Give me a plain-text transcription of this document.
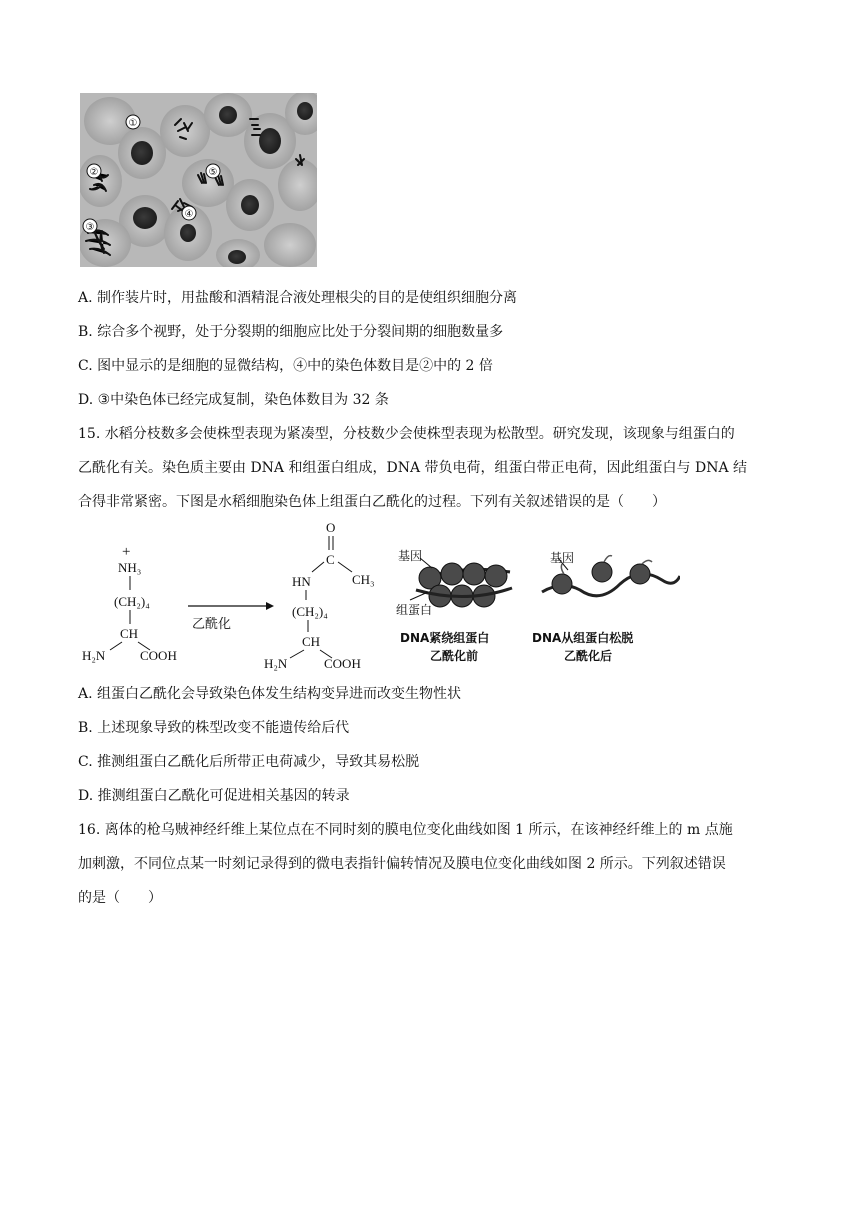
①
②
③
④
⑤
A. 制作装片时，用盐酸和酒精混合液处理根尖的目的是使组织细胞分离
B. 综合多个视野，处于分裂期的细胞应比处于分裂间期的细胞数量多
C. 图中显示的是细胞的显微结构，④中的染色体数目是②中的 2 倍
D. ③中染色体已经完成复制，染色体数目为 32 条
15. 水稻分枝数多会使株型表现为紧凑型，分枝数少会使株型表现为松散型。研究发现，该现象与组蛋白的
乙酰化有关。染色质主要由 DNA 和组蛋白组成，DNA 带负电荷，组蛋白带正电荷，因此组蛋白与 DNA 结
合得非常紧密。下图是水稻细胞染色体上组蛋白乙酰化的过程。下列有关叙述错误的是（　　）
+
NH₃
(CH₂)₄
CH
H₂N	COOH
乙酰化
O
C
CH₃
HN
(CH₂)₄
CH
H₂N	COOH
基因
组蛋白
DNA紧绕组蛋白
乙酰化前
基因
DNA从组蛋白松脱
乙酰化后
A. 组蛋白乙酰化会导致染色体发生结构变异进而改变生物性状
B. 上述现象导致的株型改变不能遗传给后代
C. 推测组蛋白乙酰化后所带正电荷减少，导致其易松脱
D. 推测组蛋白乙酰化可促进相关基因的转录
16. 离体的枪乌贼神经纤维上某位点在不同时刻的膜电位变化曲线如图 1 所示，在该神经纤维上的 m 点施
加刺激，不同位点某一时刻记录得到的微电表指针偏转情况及膜电位变化曲线如图 2 所示。下列叙述错误
的是（　　）
